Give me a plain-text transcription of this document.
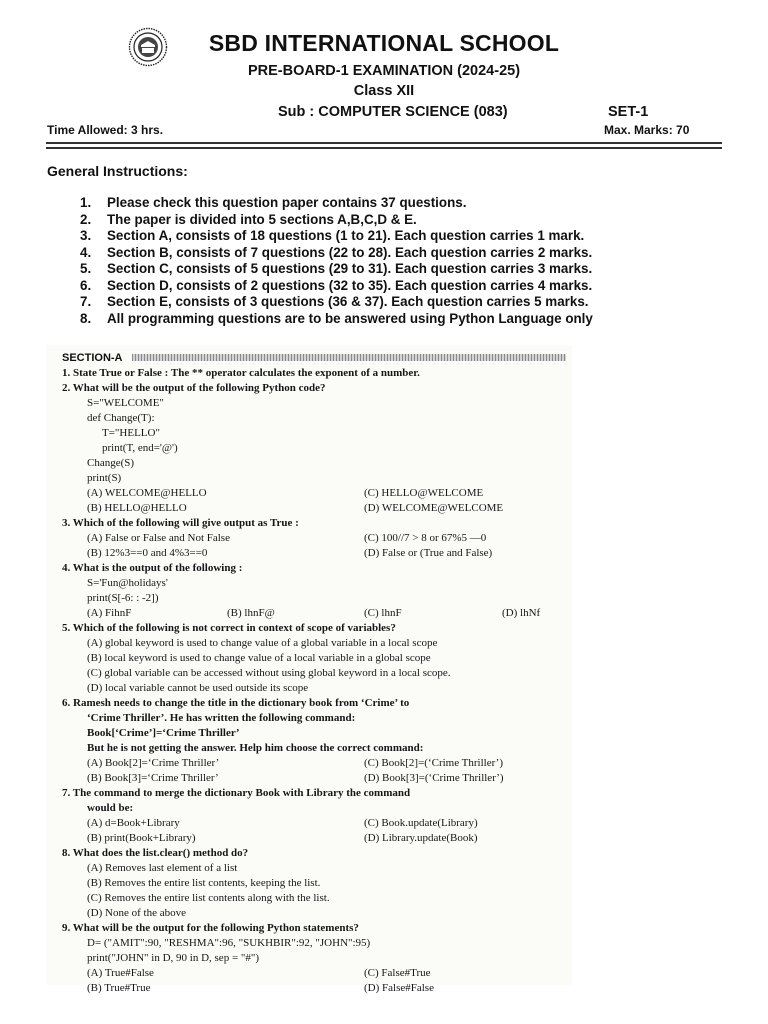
SBD INTERNATIONAL SCHOOL
PRE-BOARD-1 EXAMINATION (2024-25)
Class XII
Sub : COMPUTER SCIENCE (083)	SET-1
Time Allowed: 3 hrs.	Max. Marks: 70
General Instructions:
1. Please check this question paper contains 37 questions.
2. The paper is divided into 5 sections A,B,C,D & E.
3. Section A, consists of 18 questions (1 to 21). Each question carries 1 mark.
4. Section B, consists of 7 questions (22 to 28). Each question carries 2 marks.
5. Section C, consists of 5 questions (29 to 31). Each question carries 3 marks.
6. Section D, consists of 2 questions (32 to 35). Each question carries 4 marks.
7. Section E, consists of 3 questions (36 & 37). Each question carries 5 marks.
8. All programming questions are to be answered using Python Language only
SECTION-A
1. State True or False : The ** operator calculates the exponent of a number.
2. What will be the output of the following Python code?
S="WELCOME"
def Change(T):
T="HELLO"
print(T, end='@')
Change(S)
print(S)
(A) WELCOME@HELLO	(C) HELLO@WELCOME
(B) HELLO@HELLO	(D) WELCOME@WELCOME
3. Which of the following will give output as True :
(A) False or False and Not False	(C) 100//7 > 8 or 67%5 —0
(B) 12%3==0 and 4%3==0	(D) False or (True and False)
4. What is the output of the following :
S='Fun@holidays'
print(S[-6: : -2])
(A) FihnF	(B) lhnF@	(C) lhnF	(D) lhNf
5. Which of the following is not correct in context of scope of variables?
(A) global keyword is used to change value of a global variable in a local scope
(B) local keyword is used to change value of a local variable in a global scope
(C) global variable can be accessed without using global keyword in a local scope.
(D) local variable cannot be used outside its scope
6. Ramesh needs to change the title in the dictionary book from ‘Crime’ to
‘Crime Thriller’. He has written the following command:
Book[‘Crime’]=‘Crime Thriller’
But he is not getting the answer. Help him choose the correct command:
(A) Book[2]=‘Crime Thriller’	(C) Book[2]=(‘Crime Thriller’)
(B) Book[3]=‘Crime Thriller’	(D) Book[3]=(‘Crime Thriller’)
7. The command to merge the dictionary Book with Library the command
would be:
(A) d=Book+Library	(C) Book.update(Library)
(B) print(Book+Library)	(D) Library.update(Book)
8. What does the list.clear() method do?
(A) Removes last element of a list
(B) Removes the entire list contents, keeping the list.
(C) Removes the entire list contents along with the list.
(D) None of the above
9. What will be the output for the following Python statements?
D= ("AMIT":90, "RESHMA":96, "SUKHBIR":92, "JOHN":95)
print("JOHN" in D, 90 in D, sep = "#")
(A) True#False	(C) False#True
(B) True#True	(D) False#False
